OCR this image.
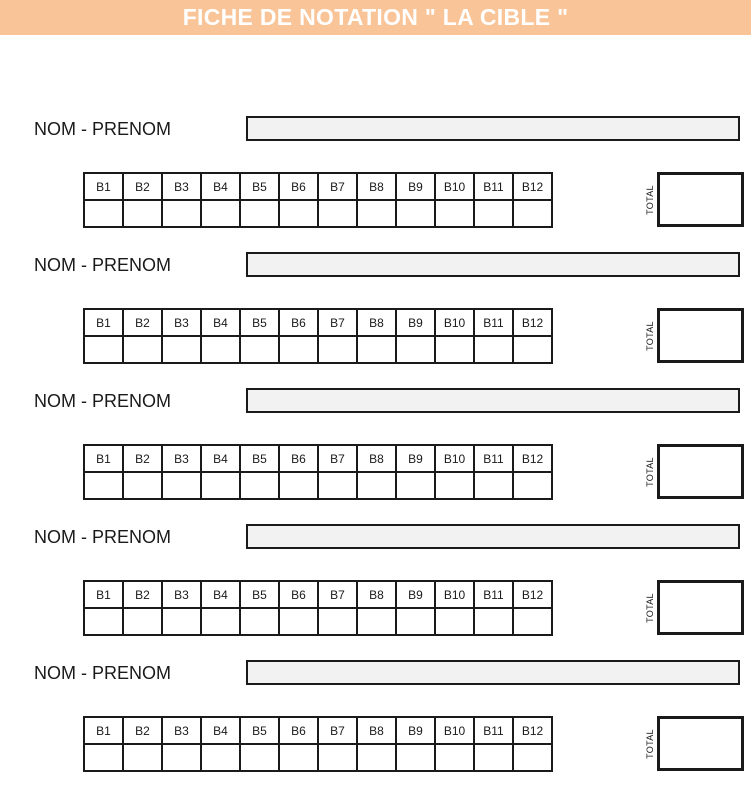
FICHE DE NOTATION " LA CIBLE "
NOM - PRENOM
B1	B2	B3	B4	B5	B6	B7	B8	B9	B10	B11	B12
												TOTAL
NOM - PRENOM
B1	B2	B3	B4	B5	B6	B7	B8	B9	B10	B11	B12
												TOTAL
NOM - PRENOM
B1	B2	B3	B4	B5	B6	B7	B8	B9	B10	B11	B12
												TOTAL
NOM - PRENOM
B1	B2	B3	B4	B5	B6	B7	B8	B9	B10	B11	B12
												TOTAL
NOM - PRENOM
B1	B2	B3	B4	B5	B6	B7	B8	B9	B10	B11	B12
												TOTAL
